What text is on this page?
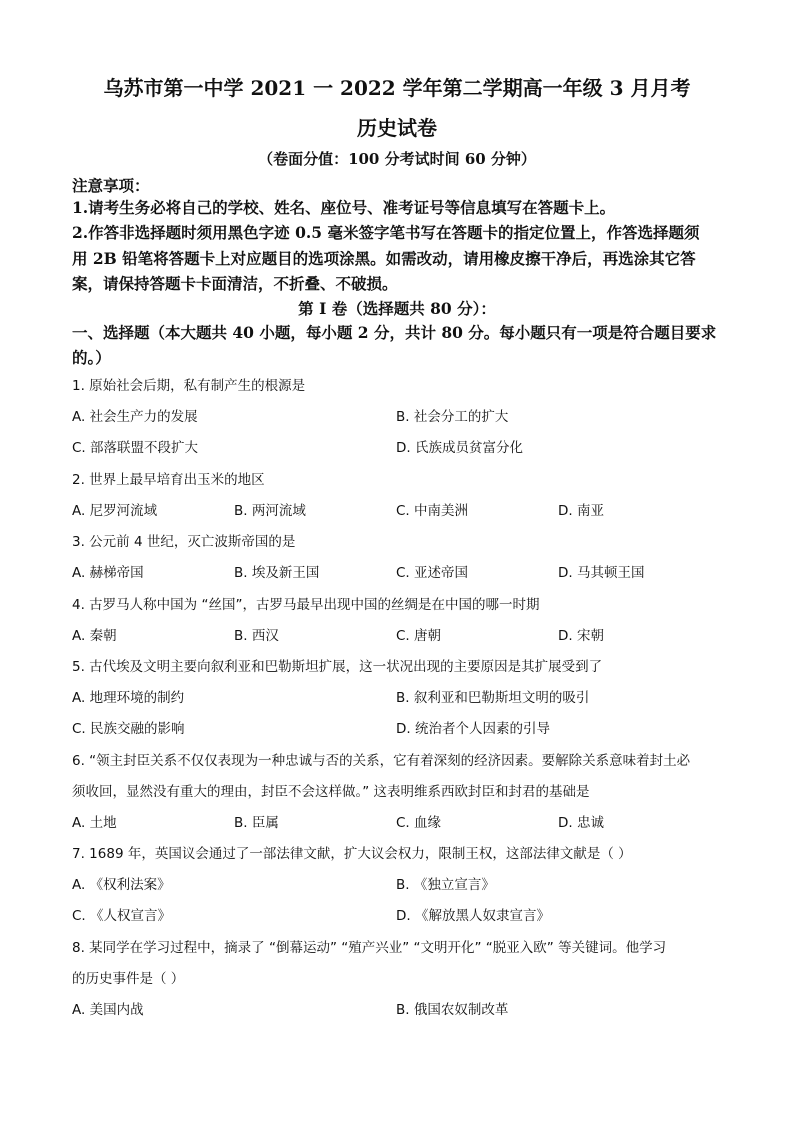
乌苏市第一中学 2021 一 2022 学年第二学期高一年级 3 月月考
历史试卷
（卷面分值：100 分考试时间 60 分钟）
注意享项：
1.请考生务必将自己的学校、姓名、座位号、准考证号等信息填写在答题卡上。
2.作答非选择题时须用黑色字迹 0.5 毫米签字笔书写在答题卡的指定位置上，作答选择题须
用 2B 铅笔将答题卡上对应题目的选项涂黑。如需改动，请用橡皮擦干净后，再选涂其它答
案，请保持答题卡卡面清洁，不折叠、不破损。
第 I 卷（选择题共 80 分）：
一、选择题（本大题共 40 小题，每小题 2 分，共计 80 分。每小题只有一项是符合题目要求
的。）
1. 原始社会后期，私有制产生的根源是
A. 社会生产力的发展	B. 社会分工的扩大
C. 部落联盟不段扩大	D. 氏族成员贫富分化
2. 世界上最早培育出玉米的地区
A. 尼罗河流域	B. 两河流域	C. 中南美洲	D. 南亚
3. 公元前 4 世纪，灭亡波斯帝国的是
A. 赫梯帝国	B. 埃及新王国	C. 亚述帝国	D. 马其顿王国
4. 古罗马人称中国为 “丝国”，古罗马最早出现中国的丝绸是在中国的哪一时期
A. 秦朝	B. 西汉	C. 唐朝	D. 宋朝
5. 古代埃及文明主要向叙利亚和巴勒斯坦扩展，这一状况出现的主要原因是其扩展受到了
A. 地理环境的制约	B. 叙利亚和巴勒斯坦文明的吸引
C. 民族交融的影响	D. 统治者个人因素的引导
6. “领主封臣关系不仅仅表现为一种忠诚与否的关系，它有着深刻的经济因素。要解除关系意味着封土必
须收回，显然没有重大的理由，封臣不会这样做。” 这表明维系西欧封臣和封君的基础是
A. 土地	B. 臣属	C. 血缘	D. 忠诚
7. 1689 年，英国议会通过了一部法律文献，扩大议会权力，限制王权，这部法律文献是（ ）
A. 《权利法案》	B. 《独立宣言》
C. 《人权宣言》	D. 《解放黑人奴隶宣言》
8. 某同学在学习过程中，摘录了 “倒幕运动” “殖产兴业” “文明开化” “脱亚入欧” 等关键词。他学习
的历史事件是（ ）
A. 美国内战	B. 俄国农奴制改革
